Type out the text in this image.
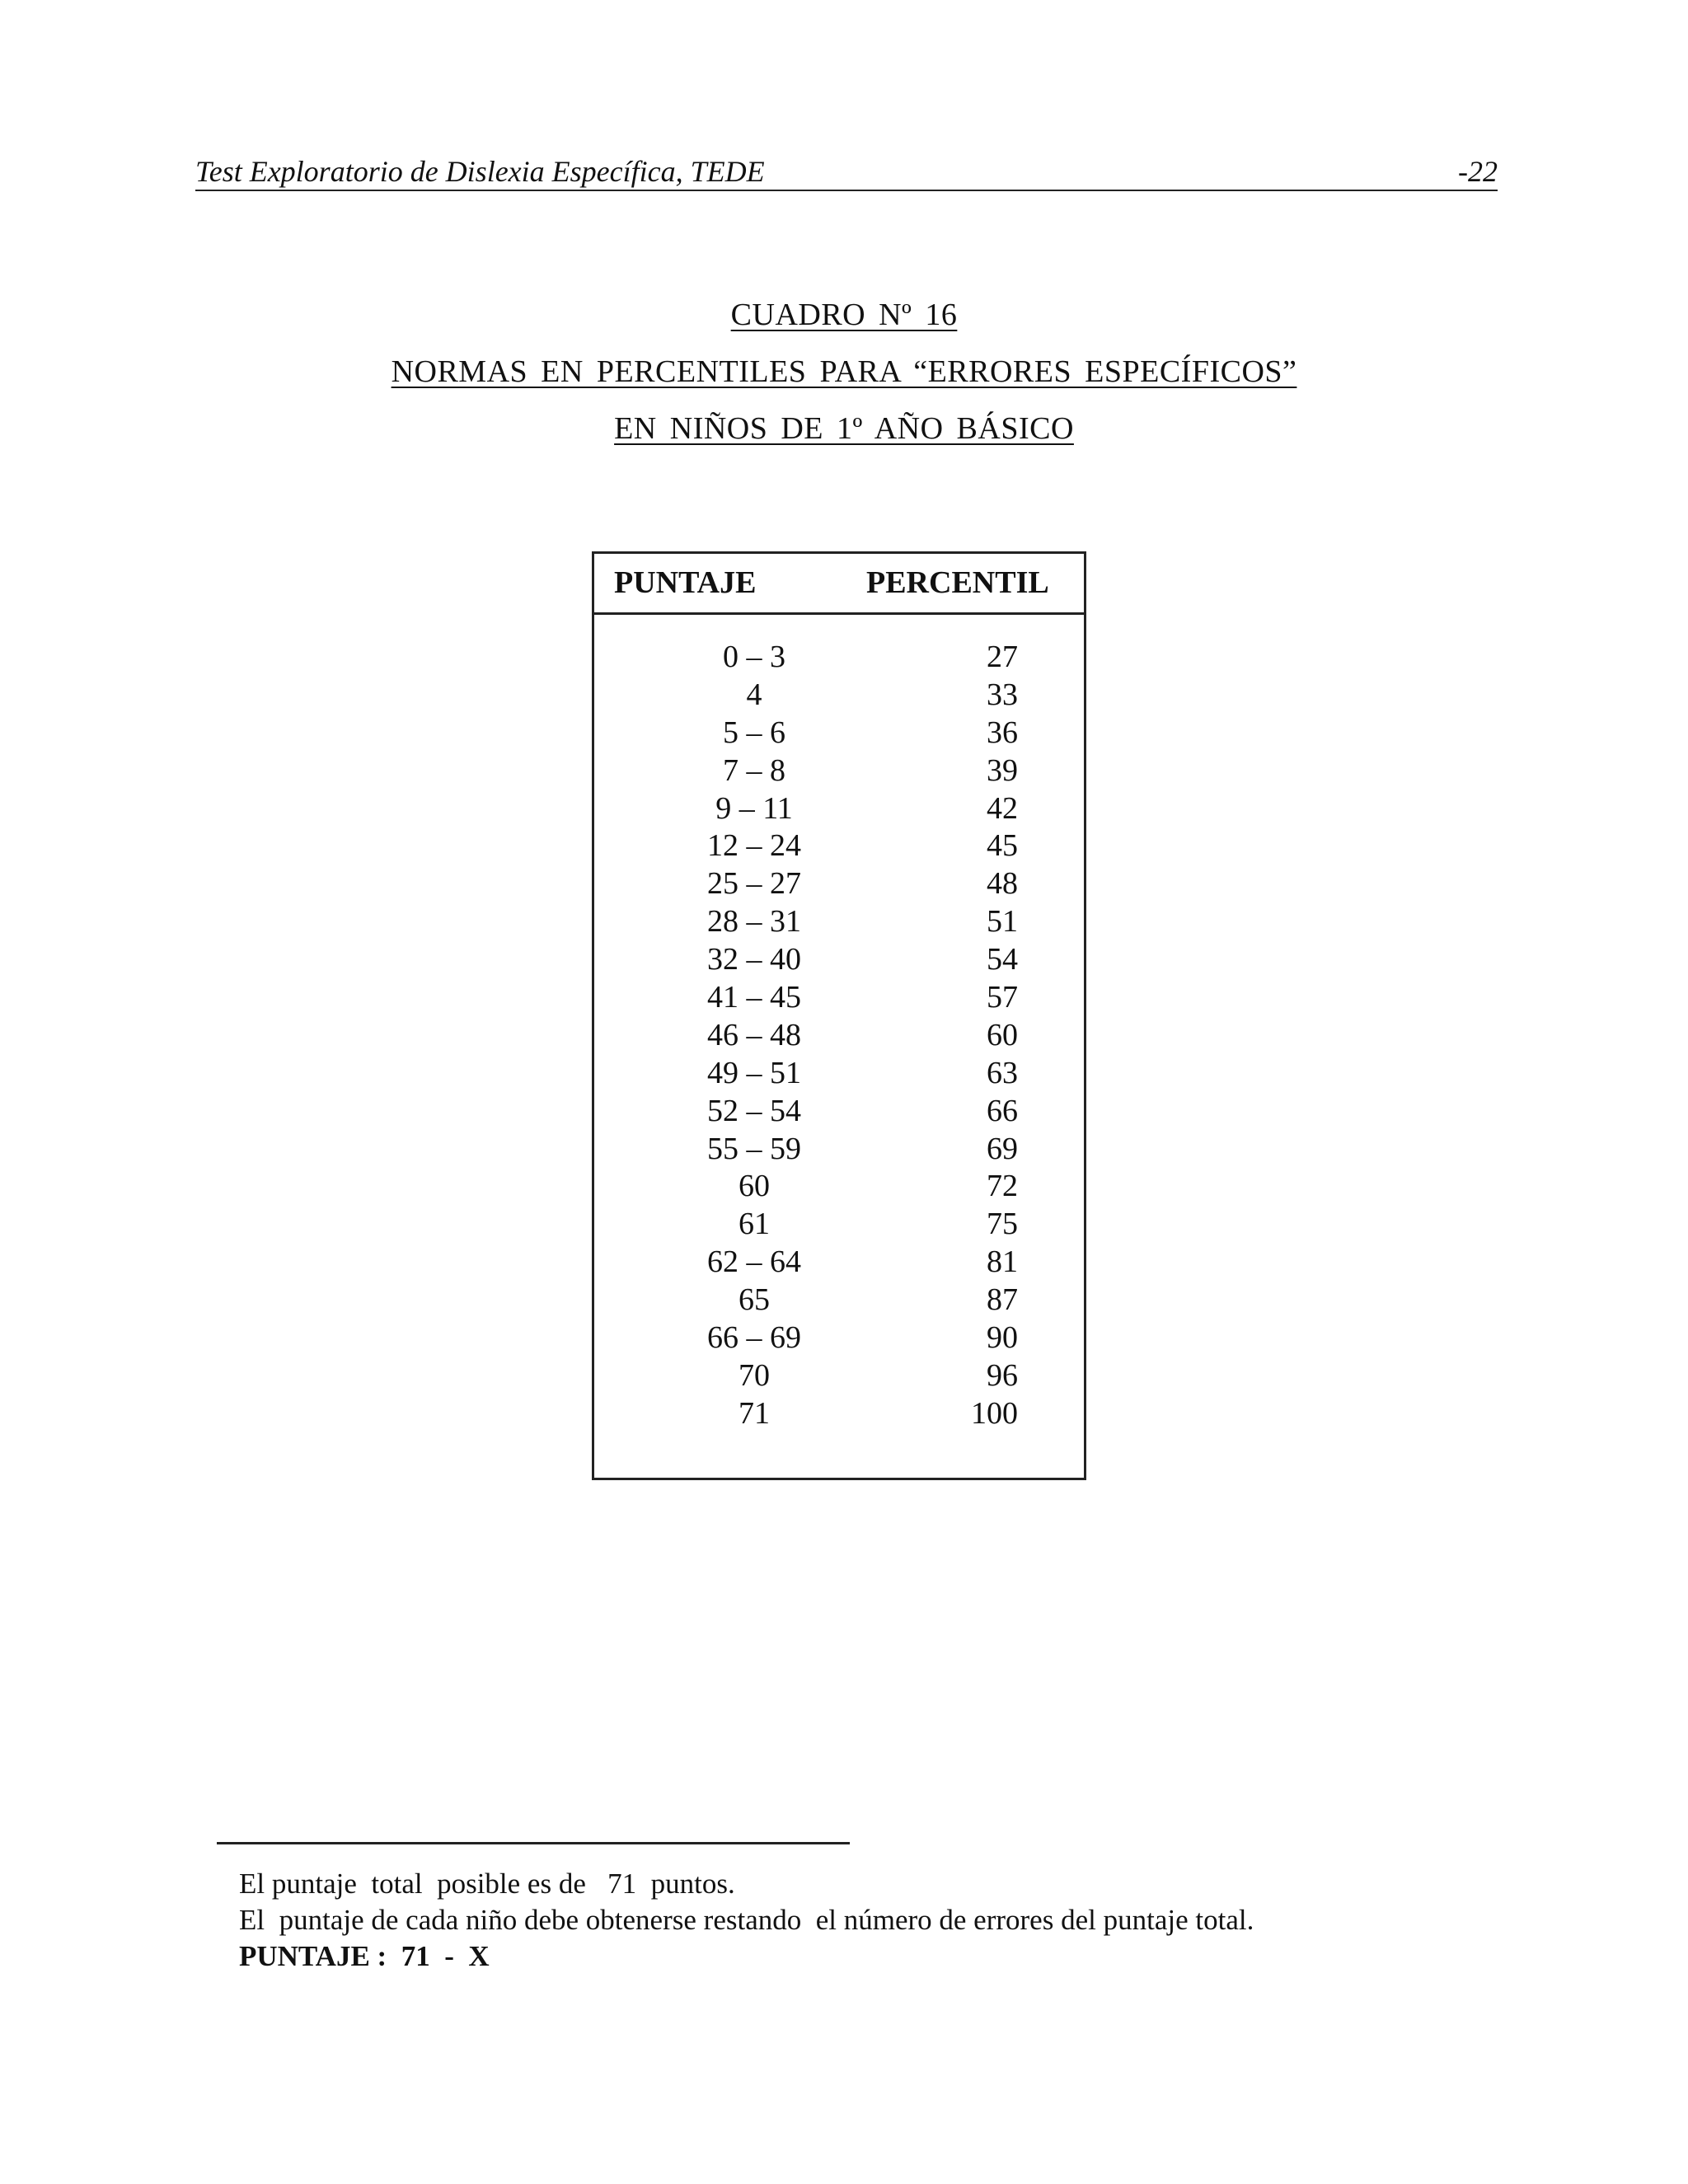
Test Exploratorio de Dislexia Específica, TEDE	-22
CUADRO Nº 16
NORMAS EN PERCENTILES PARA “ERRORES ESPECÍFICOS”
EN NIÑOS DE 1º AÑO BÁSICO
PUNTAJE	PERCENTIL
0 – 3	27
4	33
5 – 6	36
7 – 8	39
9 – 11	42
12 – 24	45
25 – 27	48
28 – 31	51
32 – 40	54
41 – 45	57
46 – 48	60
49 – 51	63
52 – 54	66
55 – 59	69
60	72
61	75
62 – 64	81
65	87
66 – 69	90
70	96
71	100
El puntaje  total  posible es de   71  puntos.
El  puntaje de cada niño debe obtenerse restando  el número de errores del puntaje total.
PUNTAJE :  71  -  X
